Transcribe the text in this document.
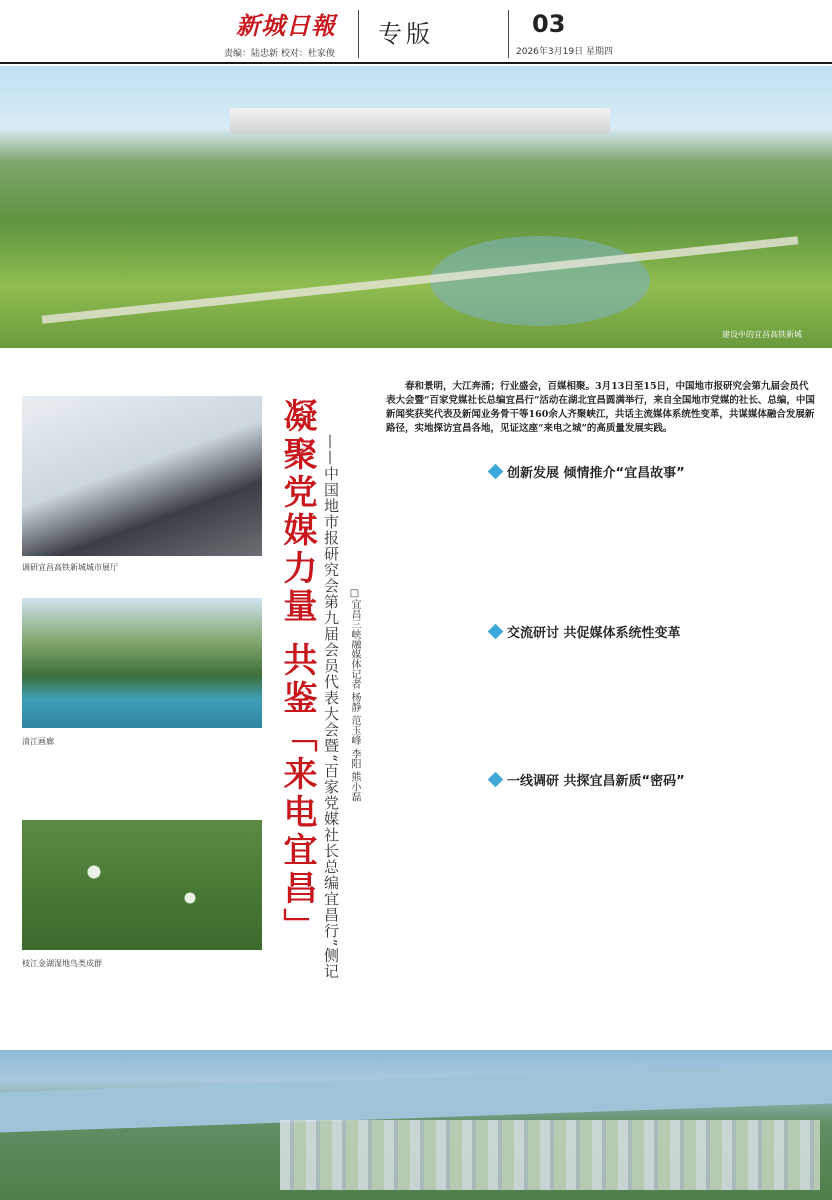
新城日報
责编：陆忠新 校对：杜家俊
专版	03
2026年3月19日 星期四
建设中的宜昌高铁新城
调研宜昌高铁新城城市展厅
清江画廊
枝江金湖湿地鸟类成群
凝聚党媒力量 共鉴「来电宜昌」 ——中国地市报研究会第九届会员代表大会暨“百家党媒社长总编宜昌行”侧记 □宜昌三峡融媒体记者 杨静 范玉峰 李阳 熊小磊
春和景明，大江奔涌；行业盛会，百媒相聚。3月13日至15日，中国地市报研究会第九届会员代表大会暨“百家党媒社长总编宜昌行”活动在湖北宜昌圆满举行，来自全国地市党媒的社长、总编，中国新闻奖获奖代表及新闻业务骨干等160余人齐聚峡江，共话主流媒体系统性变革，共谋媒体融合发展新路径，实地探访宜昌各地，见证这座“来电之城”的高质量发展实践。
创新发展 倾情推介“宜昌故事”
交流研讨 共促媒体系统性变革
一线调研 共探宜昌新质“密码”
